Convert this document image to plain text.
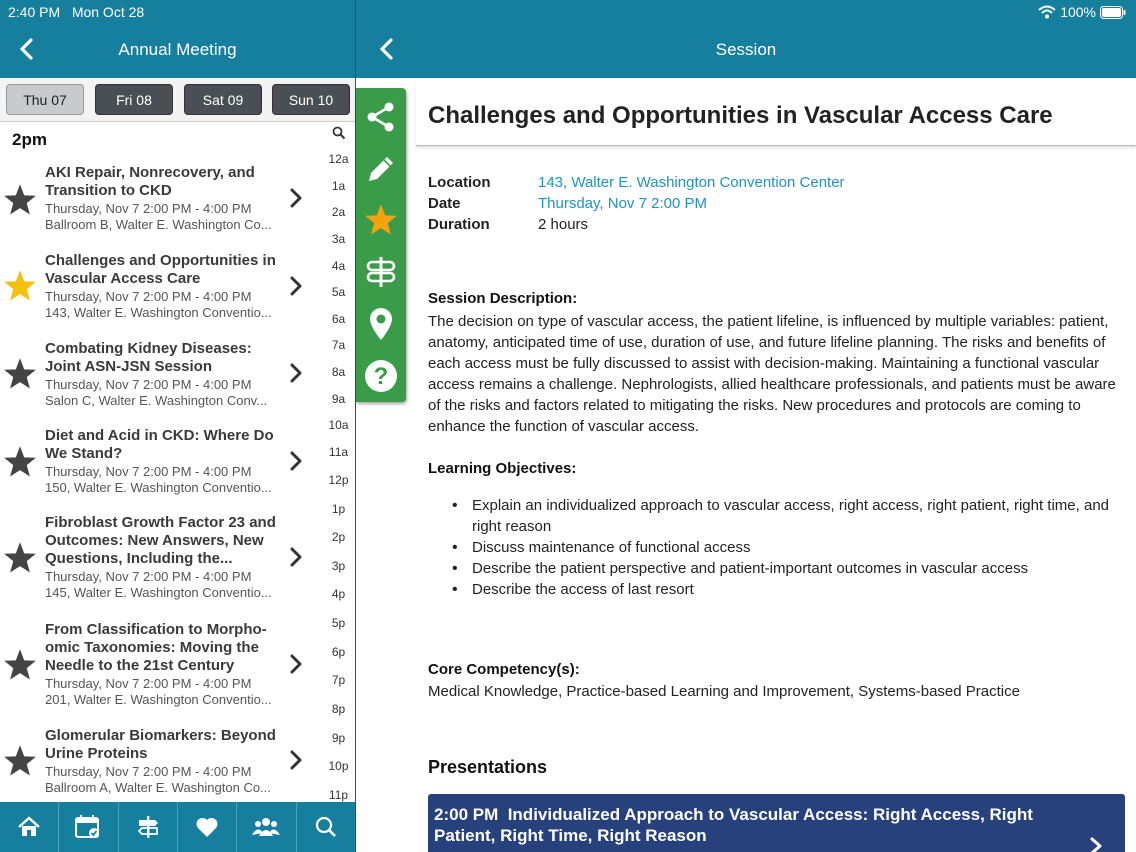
2:40 PM Mon Oct 28
Annual Meeting
100%
Session
Thu 07	Fri 08	Sat 09	Sun 10
2pm
AKI Repair, Nonrecovery, and Transition to CKD
Thursday, Nov 7 2:00 PM - 4:00 PM
Ballroom B, Walter E. Washington Co...
Challenges and Opportunities in Vascular Access Care
Thursday, Nov 7 2:00 PM - 4:00 PM
143, Walter E. Washington Conventio...
Combating Kidney Diseases: Joint ASN-JSN Session
Thursday, Nov 7 2:00 PM - 4:00 PM
Salon C, Walter E. Washington Conv...
Diet and Acid in CKD: Where Do We Stand?
Thursday, Nov 7 2:00 PM - 4:00 PM
150, Walter E. Washington Conventio...
Fibroblast Growth Factor 23 and Outcomes: New Answers, New Questions, Including the...
Thursday, Nov 7 2:00 PM - 4:00 PM
145, Walter E. Washington Conventio...
From Classification to Morpho-omic Taxonomies: Moving the Needle to the 21st Century
Thursday, Nov 7 2:00 PM - 4:00 PM
201, Walter E. Washington Conventio...
Glomerular Biomarkers: Beyond Urine Proteins
Thursday, Nov 7 2:00 PM - 4:00 PM
Ballroom A, Walter E. Washington Co...
12a
1a
2a
3a
4a
5a
6a
7a
8a
9a
10a
11a
12p
1p
2p
3p
4p
5p
6p
7p
8p
9p
10p
11p
?
Challenges and Opportunities in Vascular Access Care
Location	143, Walter E. Washington Convention Center
Date	Thursday, Nov 7 2:00 PM
Duration	2 hours
Session Description:
The decision on type of vascular access, the patient lifeline, is influenced by multiple variables: patient, anatomy, anticipated time of use, duration of use, and future lifeline planning. The risks and benefits of each access must be fully discussed to assist with decision-making. Maintaining a functional vascular access remains a challenge. Nephrologists, allied healthcare professionals, and patients must be aware of the risks and factors related to mitigating the risks. New procedures and protocols are coming to enhance the function of vascular access.
Learning Objectives:
• Explain an individualized approach to vascular access, right access, right patient, right time, and right reason
• Discuss maintenance of functional access
• Describe the patient perspective and patient-important outcomes in vascular access
• Describe the access of last resort
Core Competency(s):
Medical Knowledge, Practice-based Learning and Improvement, Systems-based Practice
Presentations
2:00 PM Individualized Approach to Vascular Access: Right Access, Right Patient, Right Time, Right Reason
